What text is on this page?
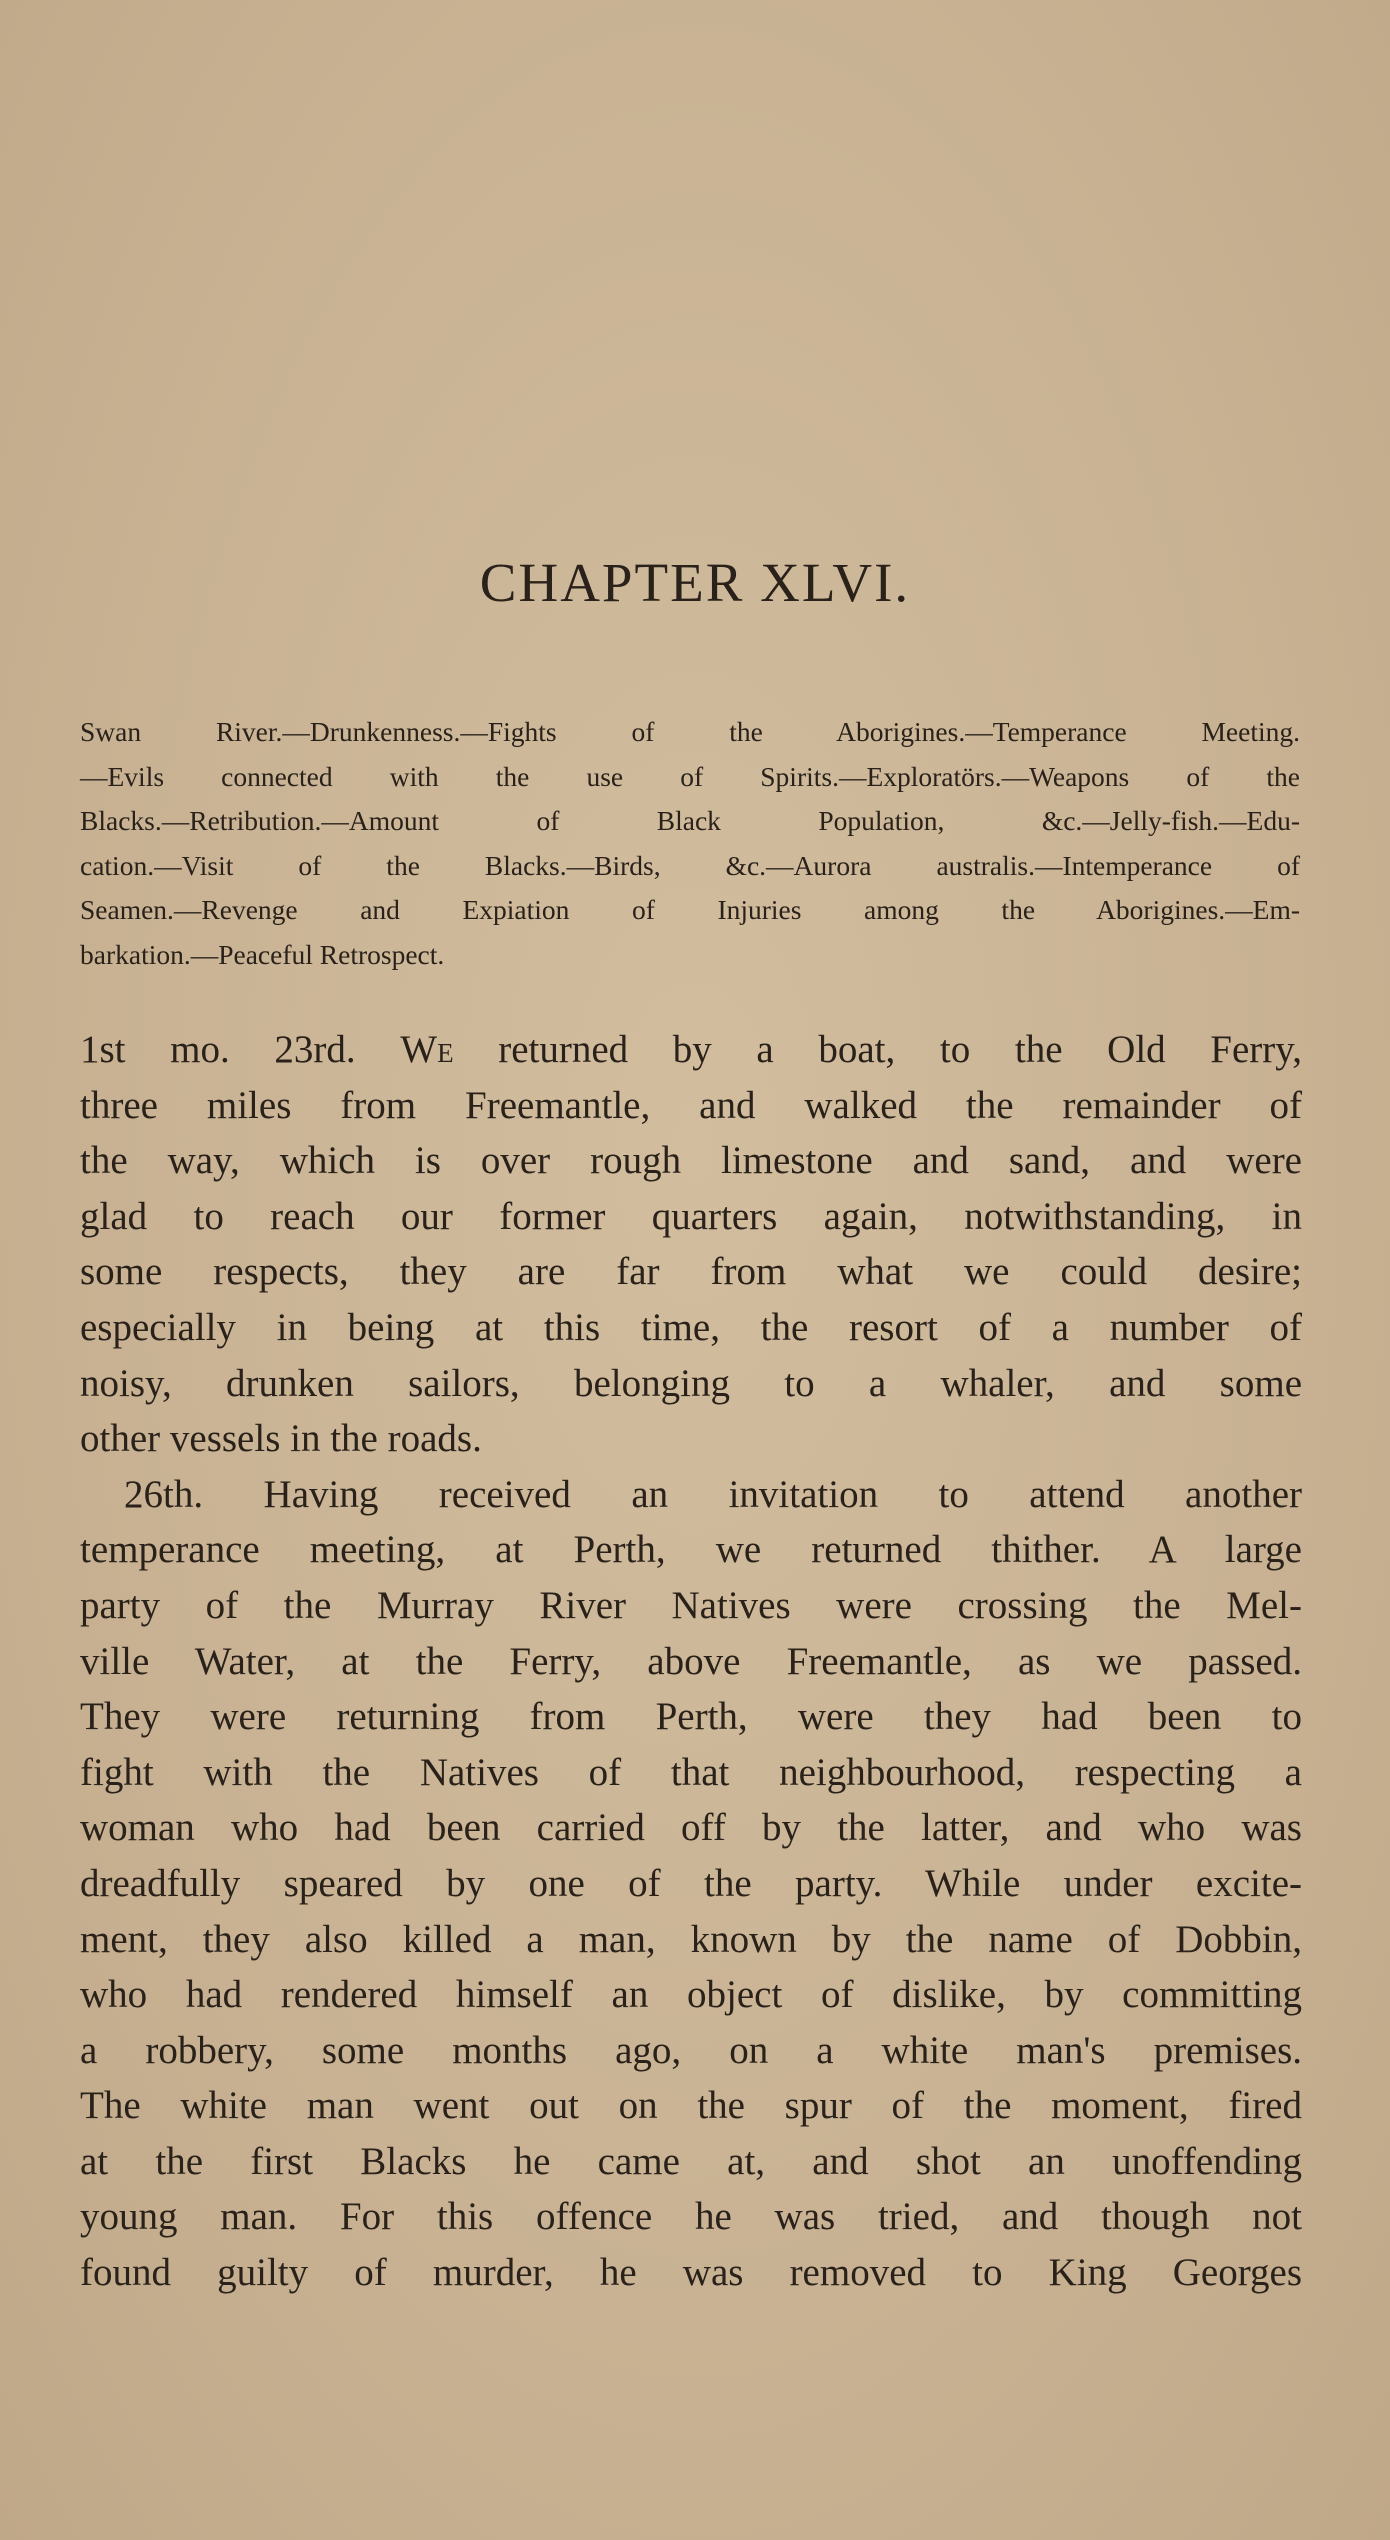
CHAPTER XLVI.

Swan River.—Drunkenness.—Fights of the Aborigines.—Temperance Meeting.
—Evils connected with the use of Spirits.—Exploratörs.—Weapons of the
Blacks.—Retribution.—Amount of Black Population, &c.—Jelly-fish.—Edu-
cation.—Visit of the Blacks.—Birds, &c.—Aurora australis.—Intemperance of
Seamen.—Revenge and Expiation of Injuries among the Aborigines.—Em-
barkation.—Peaceful Retrospect.

1st mo. 23rd. We returned by a boat, to the Old Ferry,
three miles from Freemantle, and walked the remainder of
the way, which is over rough limestone and sand, and were
glad to reach our former quarters again, notwithstanding, in
some respects, they are far from what we could desire;
especially in being at this time, the resort of a number of
noisy, drunken sailors, belonging to a whaler, and some
other vessels in the roads.
26th. Having received an invitation to attend another
temperance meeting, at Perth, we returned thither. A large
party of the Murray River Natives were crossing the Mel-
ville Water, at the Ferry, above Freemantle, as we passed.
They were returning from Perth, were they had been to
fight with the Natives of that neighbourhood, respecting a
woman who had been carried off by the latter, and who was
dreadfully speared by one of the party. While under excite-
ment, they also killed a man, known by the name of Dobbin,
who had rendered himself an object of dislike, by committing
a robbery, some months ago, on a white man's premises.
The white man went out on the spur of the moment, fired
at the first Blacks he came at, and shot an unoffending
young man. For this offence he was tried, and though not
found guilty of murder, he was removed to King Georges
